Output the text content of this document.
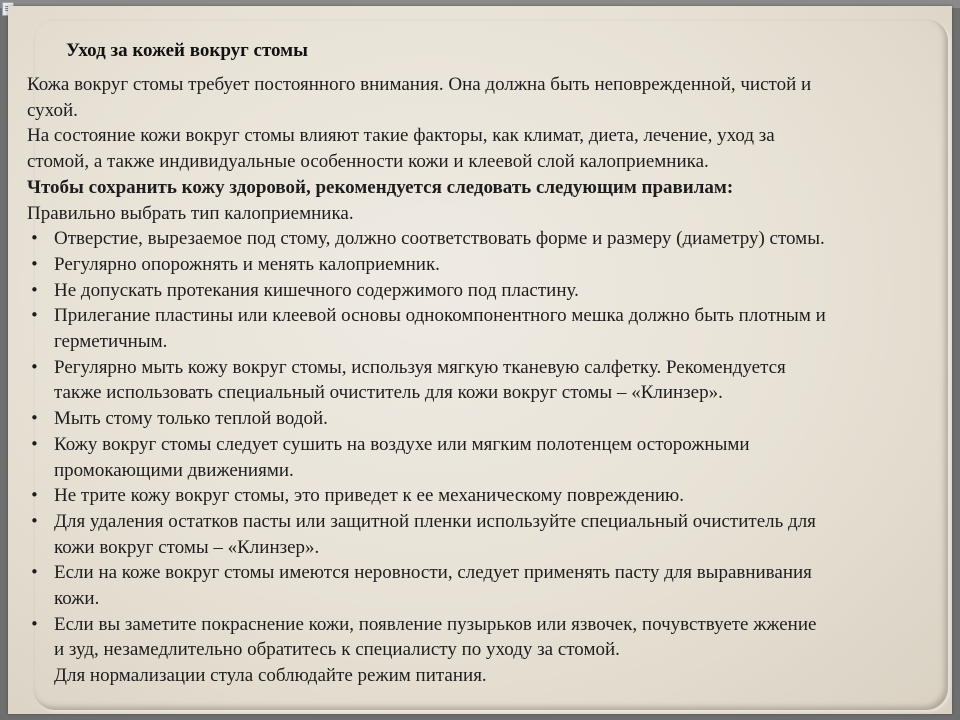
Уход за кожей вокруг стомы

Кожа вокруг стомы требует постоянного внимания. Она должна быть неповрежденной, чистой и

сухой.

На состояние кожи вокруг стомы влияют такие факторы, как климат, диета, лечение, уход за

стомой, а также индивидуальные особенности кожи и клеевой слой калоприемника.

Чтобы сохранить кожу здоровой, рекомендуется следовать следующим правилам:

Правильно выбрать тип калоприемника.

• Отверстие, вырезаемое под стому, должно соответствовать форме и размеру (диаметру) стомы.
• Регулярно опорожнять и менять калоприемник.
• Не допускать протекания кишечного содержимого под пластину.
• Прилегание пластины или клеевой основы однокомпонентного мешка должно быть плотным и
герметичным.
• Регулярно мыть кожу вокруг стомы, используя мягкую тканевую салфетку. Рекомендуется
также использовать специальный очиститель для кожи вокруг стомы – «Клинзер».
• Мыть стому только теплой водой.
• Кожу вокруг стомы следует сушить на воздухе или мягким полотенцем осторожными
промокающими движениями.
• Не трите кожу вокруг стомы, это приведет к ее механическому повреждению.
• Для удаления остатков пасты или защитной пленки используйте специальный очиститель для
кожи вокруг стомы – «Клинзер».
• Если на коже вокруг стомы имеются неровности, следует применять пасту для выравнивания
кожи.
• Если вы заметите покраснение кожи, появление пузырьков или язвочек, почувствуете жжение
и зуд, незамедлительно обратитесь к специалисту по уходу за стомой.
Для нормализации стула соблюдайте режим питания.
